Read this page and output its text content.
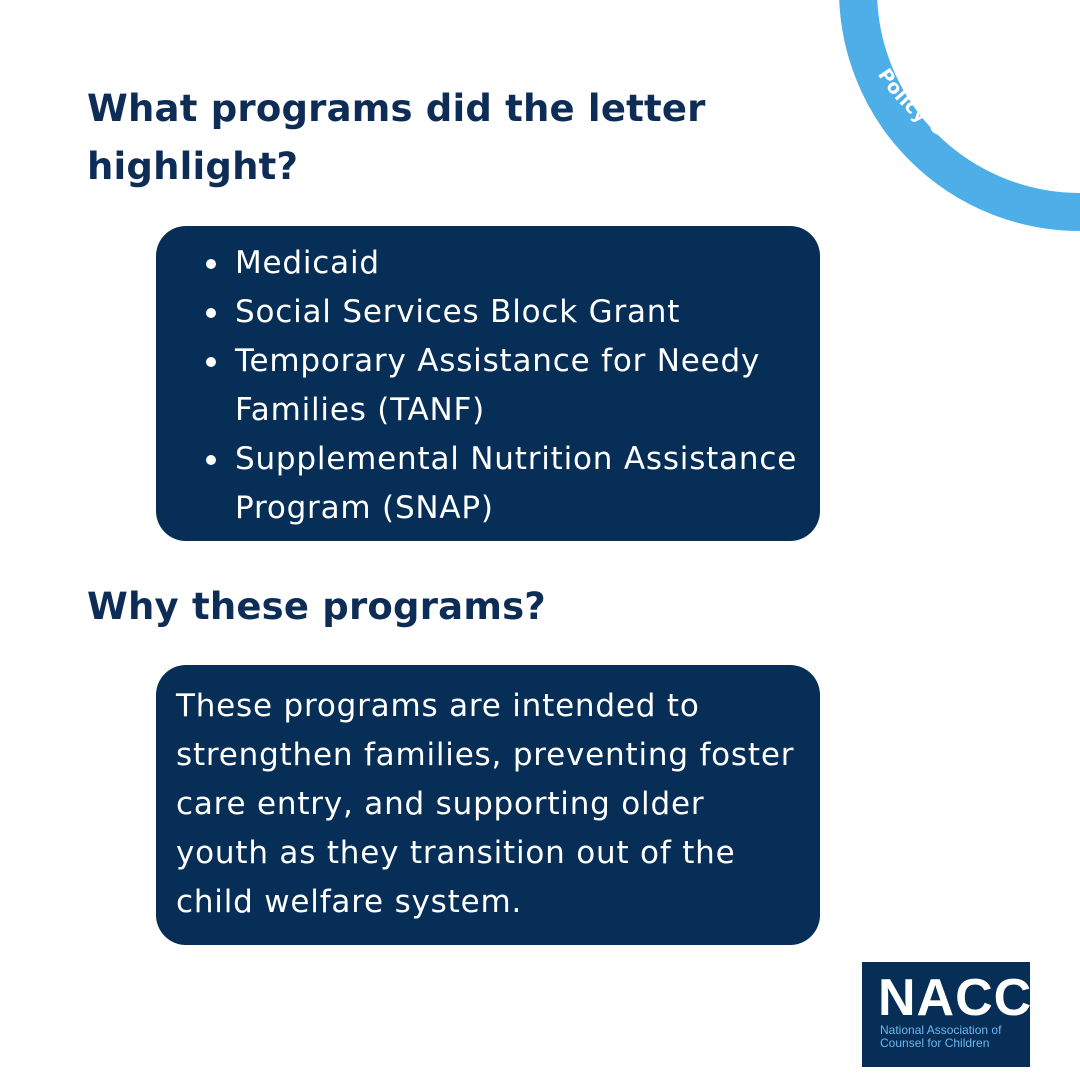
Policy Corner
What programs did the letter highlight?
Medicaid
Social Services Block Grant
Temporary Assistance for Needy Families (TANF)
Supplemental Nutrition Assistance Program (SNAP)
Why these programs?

These programs are intended to strengthen families, preventing foster care entry, and supporting older youth as they transition out of the child welfare system.

NACC
National Association of Counsel for Children
